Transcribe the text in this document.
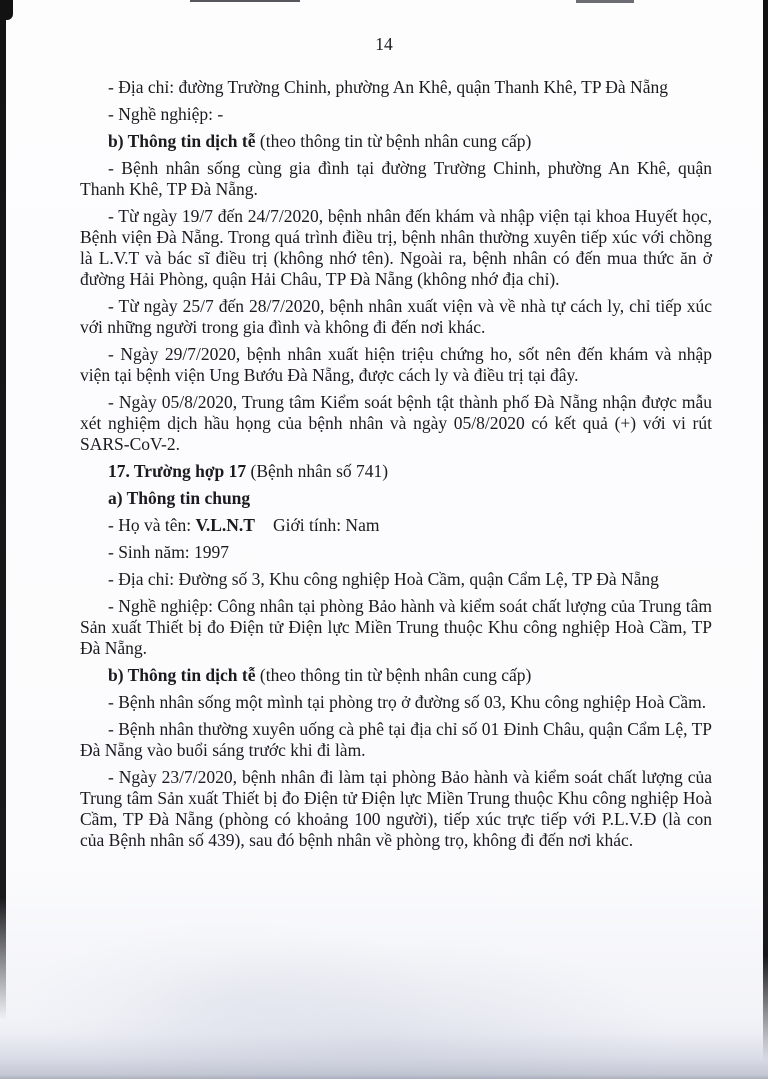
14

- Địa chỉ: đường Trường Chinh, phường An Khê, quận Thanh Khê, TP Đà Nẵng

- Nghề nghiệp: -

b) Thông tin dịch tễ (theo thông tin từ bệnh nhân cung cấp)

- Bệnh nhân sống cùng gia đình tại đường Trường Chinh, phường An Khê, quận Thanh Khê, TP Đà Nẵng.

- Từ ngày 19/7 đến 24/7/2020, bệnh nhân đến khám và nhập viện tại khoa Huyết học, Bệnh viện Đà Nẵng. Trong quá trình điều trị, bệnh nhân thường xuyên tiếp xúc với chồng là L.V.T và bác sĩ điều trị (không nhớ tên). Ngoài ra, bệnh nhân có đến mua thức ăn ở đường Hải Phòng, quận Hải Châu, TP Đà Nẵng (không nhớ địa chỉ).

- Từ ngày 25/7 đến 28/7/2020, bệnh nhân xuất viện và về nhà tự cách ly, chỉ tiếp xúc với những người trong gia đình và không đi đến nơi khác.

- Ngày 29/7/2020, bệnh nhân xuất hiện triệu chứng ho, sốt nên đến khám và nhập viện tại bệnh viện Ung Bướu Đà Nẵng, được cách ly và điều trị tại đây.

- Ngày 05/8/2020, Trung tâm Kiểm soát bệnh tật thành phố Đà Nẵng nhận được mẫu xét nghiệm dịch hầu họng của bệnh nhân và ngày 05/8/2020 có kết quả (+) với vi rút SARS-CoV-2.

17. Trường hợp 17 (Bệnh nhân số 741)

a) Thông tin chung

- Họ và tên: V.L.N.T Giới tính: Nam

- Sinh năm: 1997

- Địa chỉ: Đường số 3, Khu công nghiệp Hoà Cầm, quận Cẩm Lệ, TP Đà Nẵng

- Nghề nghiệp: Công nhân tại phòng Bảo hành và kiểm soát chất lượng của Trung tâm Sản xuất Thiết bị đo Điện tử Điện lực Miền Trung thuộc Khu công nghiệp Hoà Cầm, TP Đà Nẵng.

b) Thông tin dịch tễ (theo thông tin từ bệnh nhân cung cấp)

- Bệnh nhân sống một mình tại phòng trọ ở đường số 03, Khu công nghiệp Hoà Cầm.

- Bệnh nhân thường xuyên uống cà phê tại địa chỉ số 01 Đinh Châu, quận Cẩm Lệ, TP Đà Nẵng vào buổi sáng trước khi đi làm.

- Ngày 23/7/2020, bệnh nhân đi làm tại phòng Bảo hành và kiểm soát chất lượng của Trung tâm Sản xuất Thiết bị đo Điện tử Điện lực Miền Trung thuộc Khu công nghiệp Hoà Cầm, TP Đà Nẵng (phòng có khoảng 100 người), tiếp xúc trực tiếp với P.L.V.Đ (là con của Bệnh nhân số 439), sau đó bệnh nhân về phòng trọ, không đi đến nơi khác.
